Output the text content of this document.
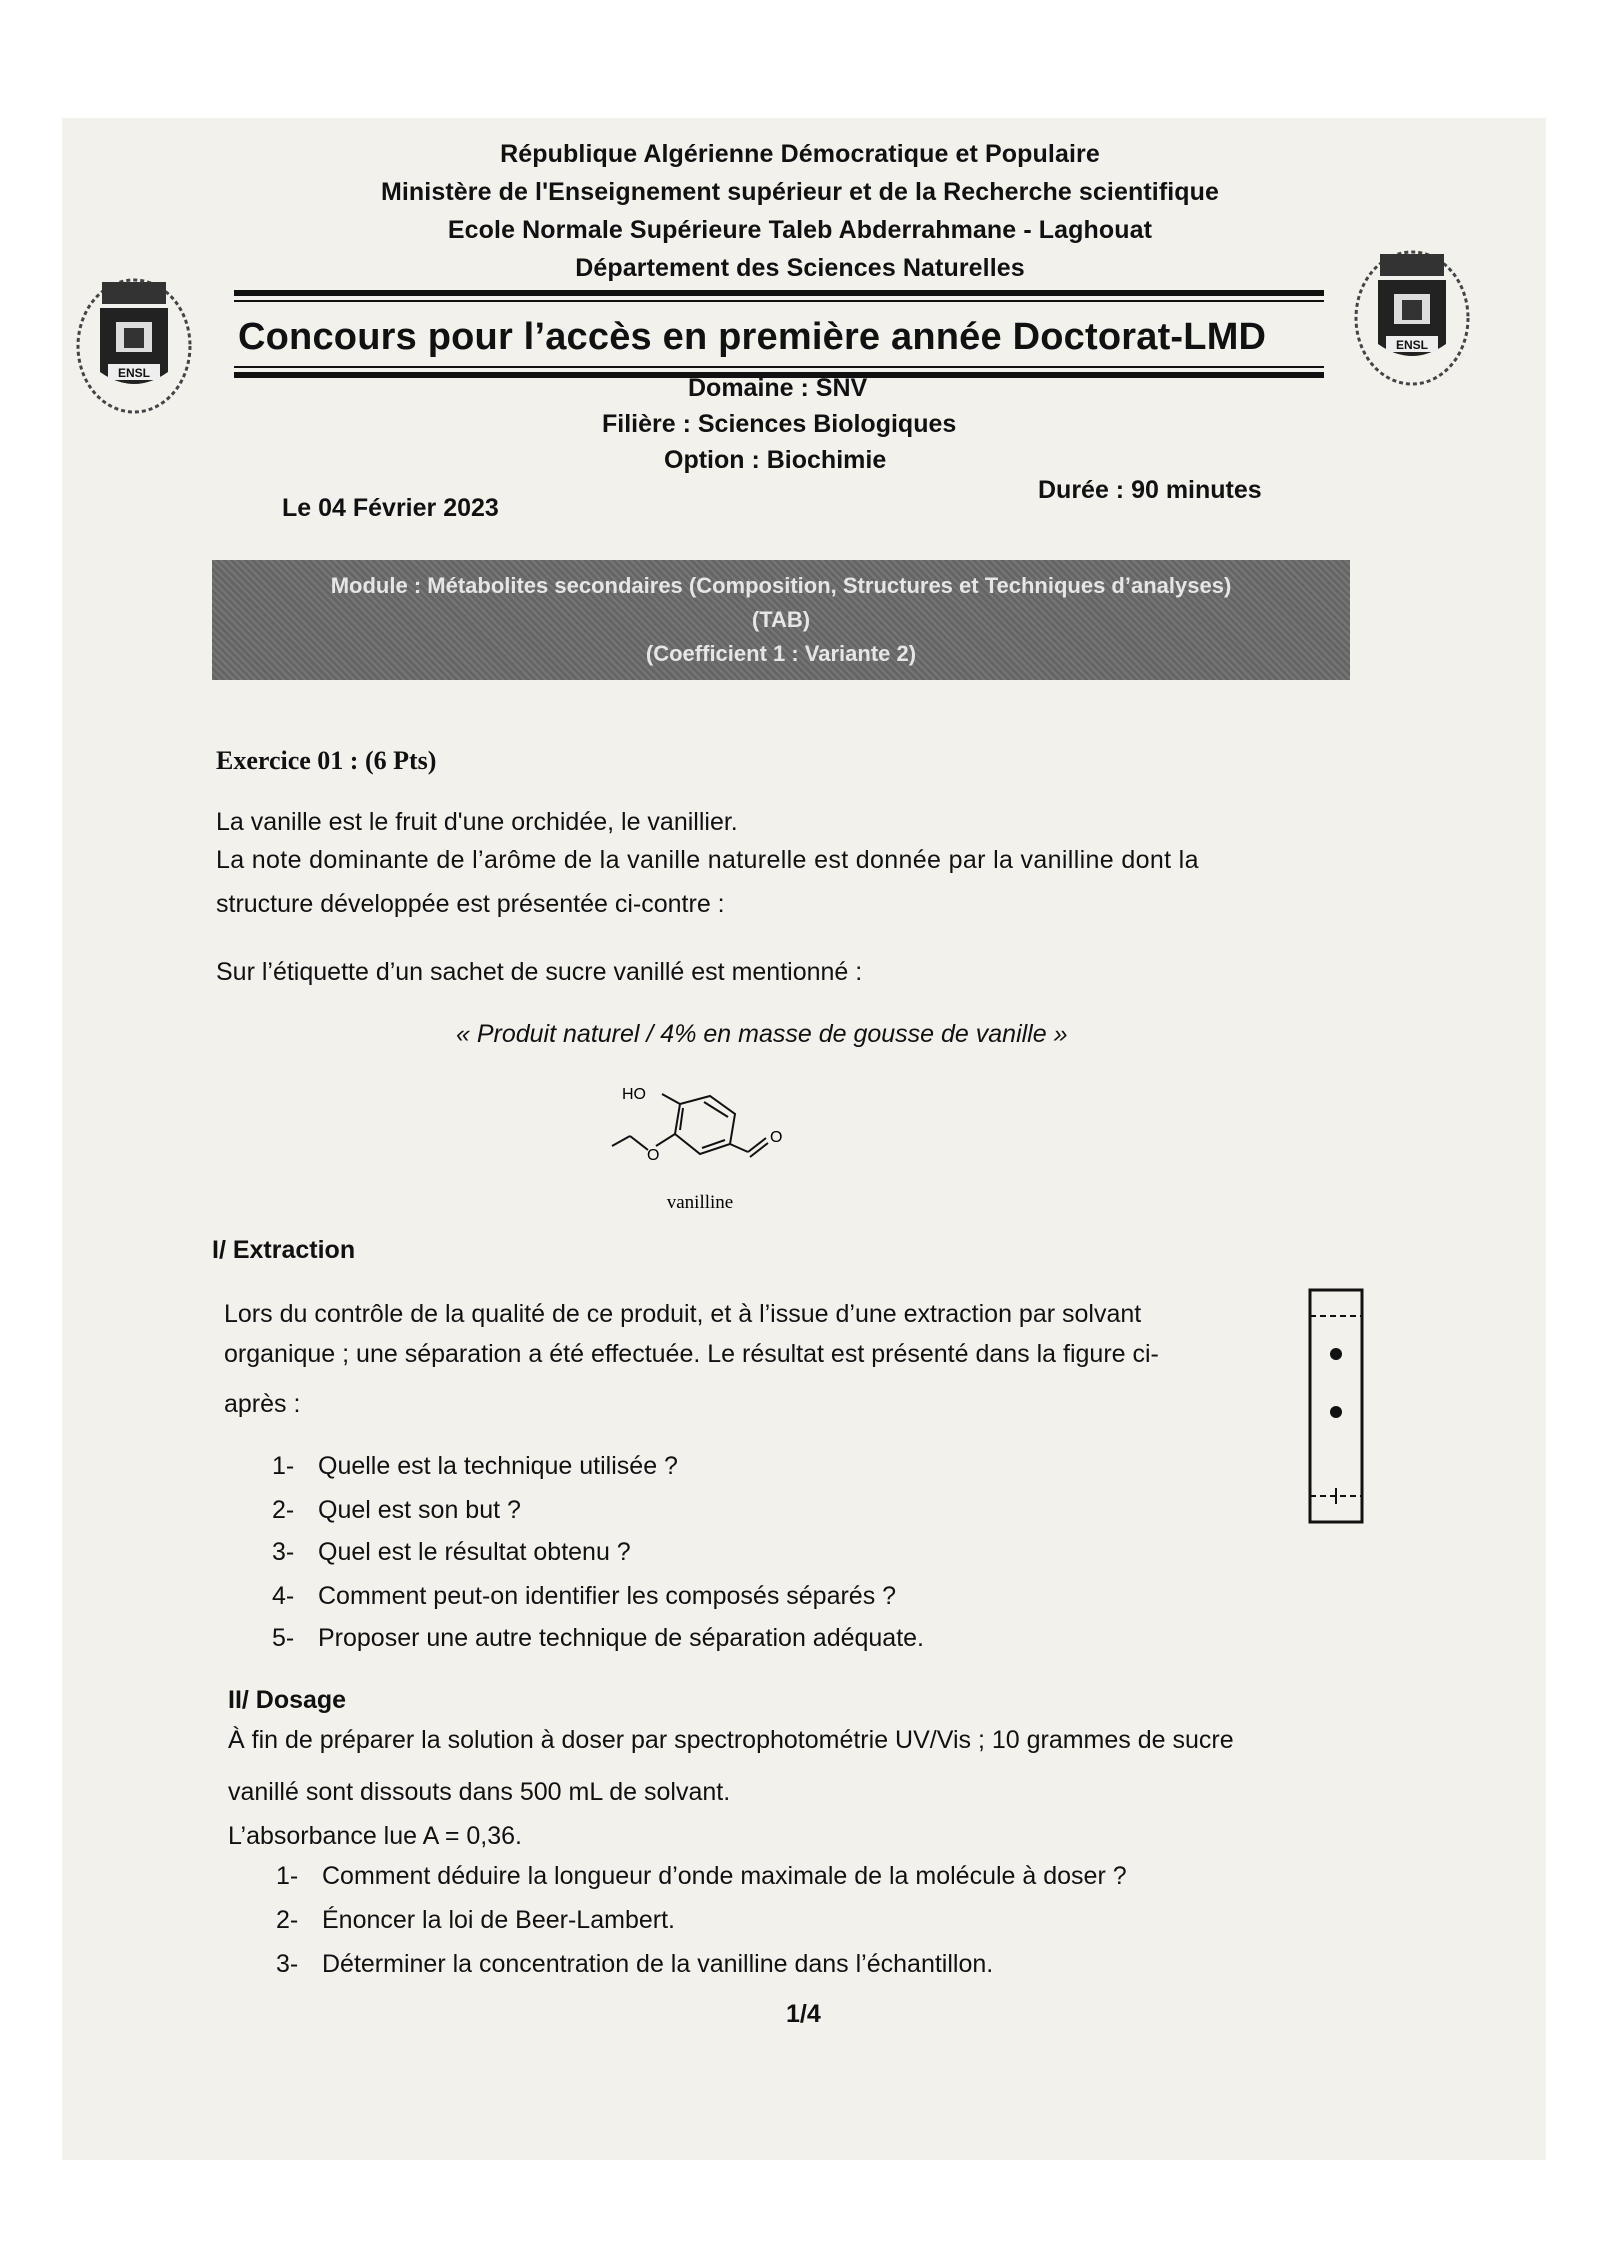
République Algérienne Démocratique et Populaire
Ministère de l'Enseignement supérieur et de la Recherche scientifique
Ecole Normale Supérieure Taleb Abderrahmane - Laghouat
Département des Sciences Naturelles
ENSL
ENSL
Concours pour l’accès en première année Doctorat-LMD
Domaine : SNV
Filière : Sciences Biologiques
Option : Biochimie
Le 04 Février 2023
Durée : 90 minutes
Module : Métabolites secondaires (Composition, Structures et Techniques d’analyses)
(TAB)
(Coefficient 1 : Variante 2)
Exercice 01 : (6 Pts)
La vanille est le fruit d'une orchidée, le vanillier.
La note dominante de l’arôme de la vanille naturelle est donnée par la vanilline dont la
structure développée est présentée ci-contre :
Sur l’étiquette d’un sachet de sucre vanillé est mentionné :
« Produit naturel / 4% en masse de gousse de vanille »
HO
O
O
vanilline
I/ Extraction
Lors du contrôle de la qualité de ce produit, et à l’issue d’une extraction par solvant
organique ; une séparation a été effectuée. Le résultat est présenté dans la figure ci-
après :
1- Quelle est la technique utilisée ?
2- Quel est son but ?
3- Quel est le résultat obtenu ?
4- Comment peut-on identifier les composés séparés ?
5- Proposer une autre technique de séparation adéquate.
II/ Dosage
À fin de préparer la solution à doser par spectrophotométrie UV/Vis ; 10 grammes de sucre
vanillé sont dissouts dans 500 mL de solvant.
L’absorbance lue A = 0,36.
1- Comment déduire la longueur d’onde maximale de la molécule à doser ?
2- Énoncer la loi de Beer-Lambert.
3- Déterminer la concentration de la vanilline dans l’échantillon.
1/4
